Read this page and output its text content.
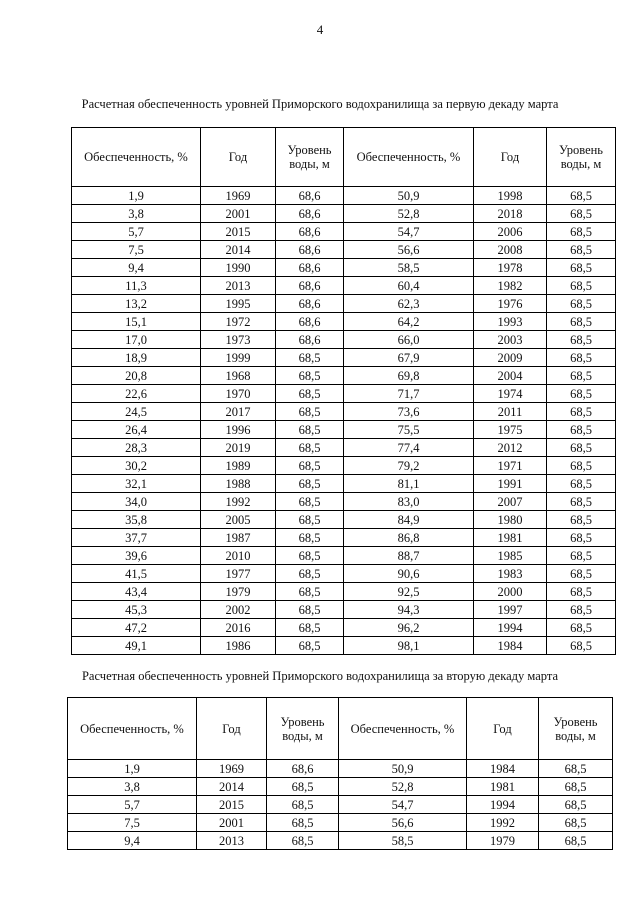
4
Расчетная обеспеченность уровней Приморского водохранилища за первую декаду марта
Обеспеченность, %	Год	Уровень воды, м	Обеспеченность, %	Год	Уровень воды, м
1,9	1969	68,6	50,9	1998	68,5
3,8	2001	68,6	52,8	2018	68,5
5,7	2015	68,6	54,7	2006	68,5
7,5	2014	68,6	56,6	2008	68,5
9,4	1990	68,6	58,5	1978	68,5
11,3	2013	68,6	60,4	1982	68,5
13,2	1995	68,6	62,3	1976	68,5
15,1	1972	68,6	64,2	1993	68,5
17,0	1973	68,6	66,0	2003	68,5
18,9	1999	68,5	67,9	2009	68,5
20,8	1968	68,5	69,8	2004	68,5
22,6	1970	68,5	71,7	1974	68,5
24,5	2017	68,5	73,6	2011	68,5
26,4	1996	68,5	75,5	1975	68,5
28,3	2019	68,5	77,4	2012	68,5
30,2	1989	68,5	79,2	1971	68,5
32,1	1988	68,5	81,1	1991	68,5
34,0	1992	68,5	83,0	2007	68,5
35,8	2005	68,5	84,9	1980	68,5
37,7	1987	68,5	86,8	1981	68,5
39,6	2010	68,5	88,7	1985	68,5
41,5	1977	68,5	90,6	1983	68,5
43,4	1979	68,5	92,5	2000	68,5
45,3	2002	68,5	94,3	1997	68,5
47,2	2016	68,5	96,2	1994	68,5
49,1	1986	68,5	98,1	1984	68,5
Расчетная обеспеченность уровней Приморского водохранилища за вторую декаду марта
Обеспеченность, %	Год	Уровень воды, м	Обеспеченность, %	Год	Уровень воды, м
1,9	1969	68,6	50,9	1984	68,5
3,8	2014	68,5	52,8	1981	68,5
5,7	2015	68,5	54,7	1994	68,5
7,5	2001	68,5	56,6	1992	68,5
9,4	2013	68,5	58,5	1979	68,5
